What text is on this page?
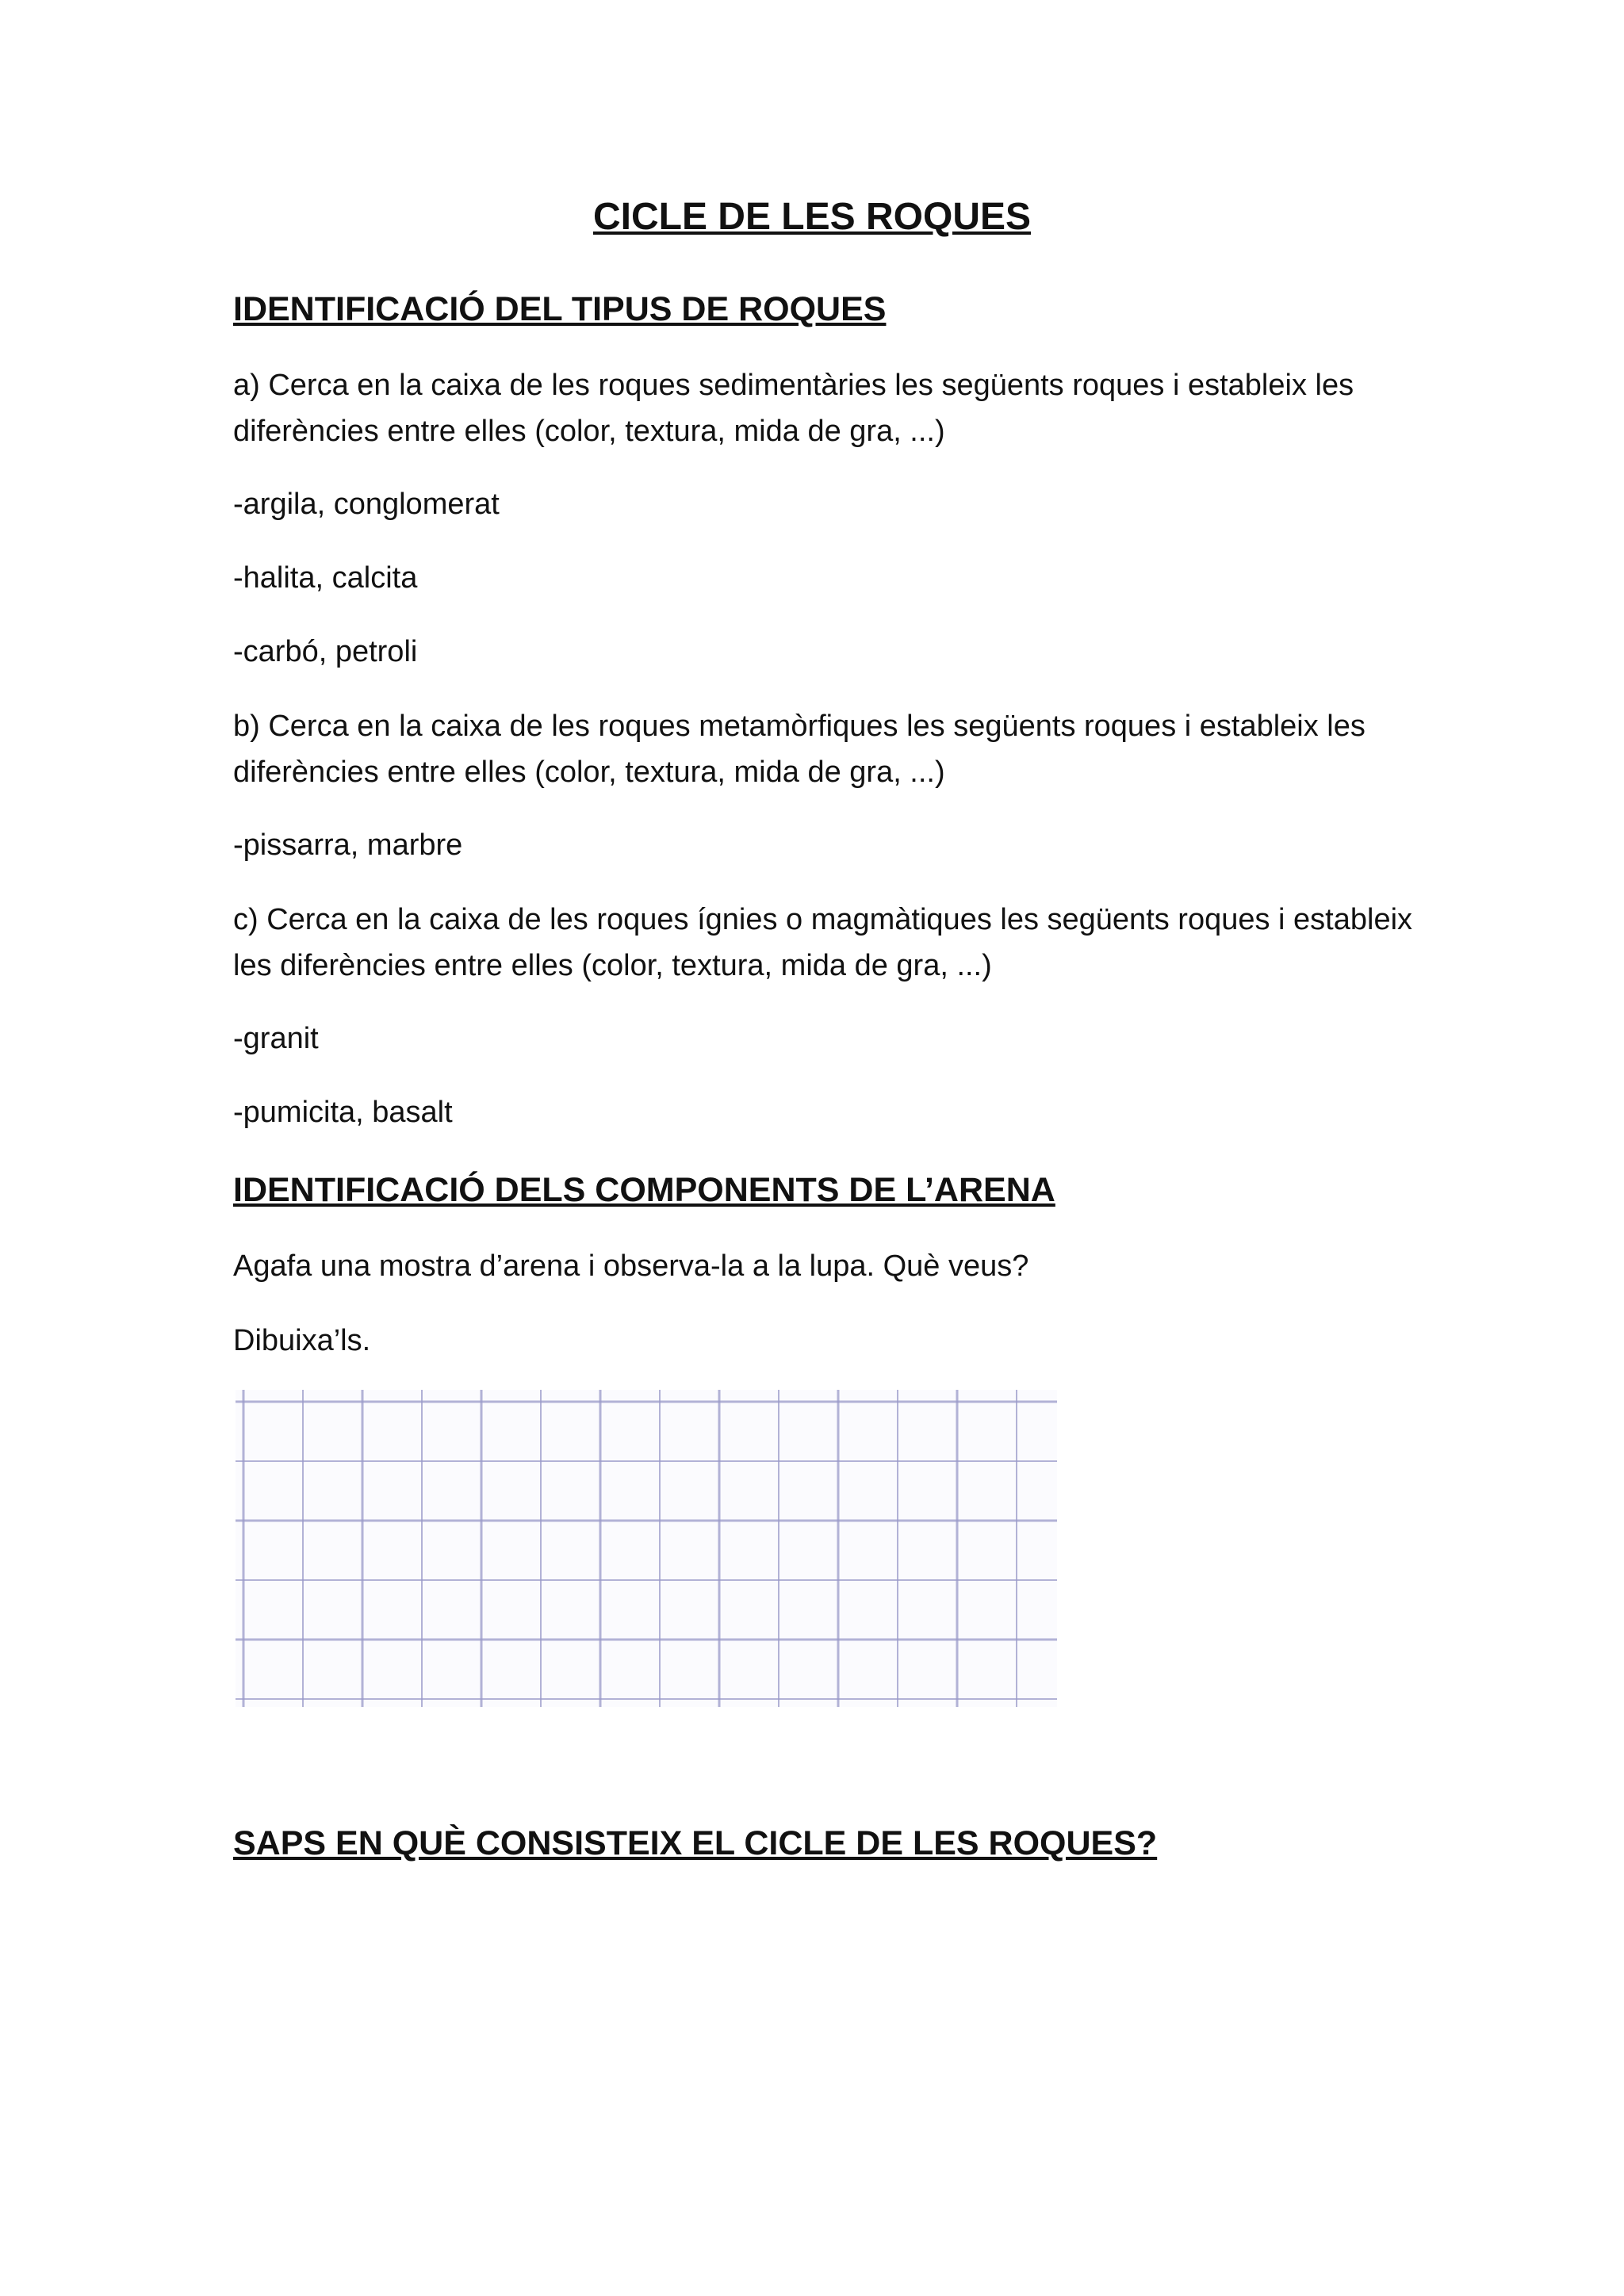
CICLE DE LES ROQUES
IDENTIFICACIÓ DEL TIPUS DE ROQUES

a) Cerca en la caixa de les roques sedimentàries les següents roques i estableix les
diferències entre elles (color, textura, mida de gra, ...)

-argila, conglomerat

-halita, calcita

-carbó, petroli

b) Cerca en la caixa de les roques metamòrfiques les següents roques i estableix les
diferències entre elles (color, textura, mida de gra, ...)

-pissarra, marbre

c) Cerca en la caixa de les roques ígnies o magmàtiques les següents roques i estableix
les diferències entre elles (color, textura, mida de gra, ...)

-granit

-pumicita, basalt

IDENTIFICACIÓ DELS COMPONENTS DE L’ARENA

Agafa una mostra d’arena i observa-la a la lupa. Què veus?

Dibuixa’ls.

SAPS EN QUÈ CONSISTEIX EL CICLE DE LES ROQUES?
